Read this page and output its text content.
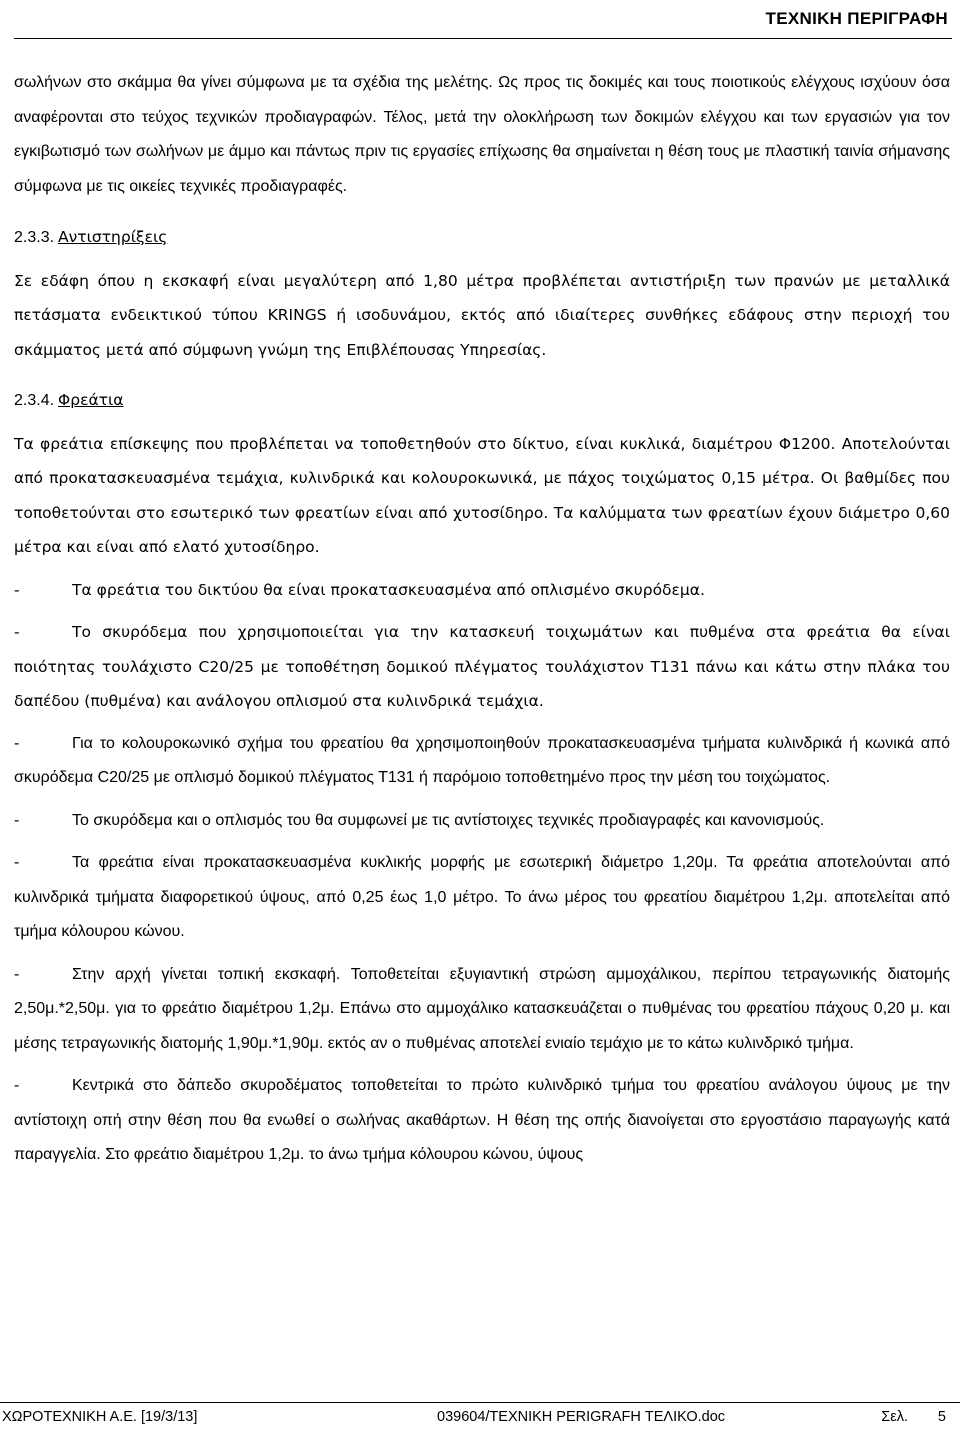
ΤΕΧΝΙΚΗ ΠΕΡΙΓΡΑΦΗ

σωλήνων στο σκάμμα θα γίνει σύμφωνα με τα σχέδια της μελέτης. Ως προς τις δοκιμές και τους ποιοτικούς ελέγχους ισχύουν όσα αναφέρονται στο τεύχος τεχνικών προδιαγραφών. Τέλος, μετά την ολοκλήρωση των δοκιμών ελέγχου και των εργασιών για τον εγκιβωτισμό των σωλήνων με άμμο και πάντως πριν τις εργασίες επίχωσης θα σημαίνεται η θέση τους με πλαστική ταινία σήμανσης σύμφωνα με τις οικείες τεχνικές προδιαγραφές.

2.3.3. Αντιστηρίξεις

Σε εδάφη όπου η εκσκαφή είναι μεγαλύτερη από 1,80 μέτρα προβλέπεται αντιστήριξη των πρανών με μεταλλικά πετάσματα ενδεικτικού τύπου KRINGS ή ισοδυνάμου, εκτός από ιδιαίτερες συνθήκες εδάφους στην περιοχή του σκάμματος μετά από σύμφωνη γνώμη της Επιβλέπουσας Υπηρεσίας.

2.3.4. Φρεάτια

Τα φρεάτια επίσκεψης που προβλέπεται να τοποθετηθούν στο δίκτυο, είναι κυκλικά, διαμέτρου Φ1200. Αποτελούνται από προκατασκευασμένα τεμάχια, κυλινδρικά και κολουροκωνικά, με πάχος τοιχώματος 0,15 μέτρα. Οι βαθμίδες που τοποθετούνται στο εσωτερικό των φρεατίων είναι από χυτοσίδηρο. Τα καλύμματα των φρεατίων έχουν διάμετρο 0,60 μέτρα και είναι από ελατό χυτοσίδηρο.

-	Τα φρεάτια του δικτύου θα είναι προκατασκευασμένα από οπλισμένο σκυρόδεμα.

-	Το σκυρόδεμα που χρησιμοποιείται για την κατασκευή τοιχωμάτων και πυθμένα στα φρεάτια θα είναι ποιότητας τουλάχιστο C20/25 με τοποθέτηση δομικού πλέγματος τουλάχιστον Τ131 πάνω και κάτω στην πλάκα του δαπέδου (πυθμένα) και ανάλογου οπλισμού στα κυλινδρικά τεμάχια.

-	Για το κολουροκωνικό σχήμα του φρεατίου θα χρησιμοποιηθούν προκατασκευασμένα τμήματα κυλινδρικά ή κωνικά από σκυρόδεμα C20/25 με οπλισμό δομικού πλέγματος Τ131 ή παρόμοιο τοποθετημένο προς την μέση του τοιχώματος.

-	Το σκυρόδεμα και ο οπλισμός του θα συμφωνεί με τις αντίστοιχες τεχνικές προδιαγραφές και κανονισμούς.

-	Τα φρεάτια είναι προκατασκευασμένα κυκλικής μορφής με εσωτερική διάμετρο 1,20μ. Τα φρεάτια αποτελούνται από κυλινδρικά τμήματα διαφορετικού ύψους, από 0,25 έως 1,0 μέτρο. Το άνω μέρος του φρεατίου διαμέτρου 1,2μ. αποτελείται από τμήμα κόλουρου κώνου.

-	Στην αρχή γίνεται τοπική εκσκαφή. Τοποθετείται εξυγιαντική στρώση αμμοχάλικου, περίπου τετραγωνικής διατομής 2,50μ.*2,50μ. για το φρεάτιο διαμέτρου 1,2μ. Επάνω στο αμμοχάλικο κατασκευάζεται ο πυθμένας του φρεατίου πάχους 0,20 μ. και μέσης τετραγωνικής διατομής 1,90μ.*1,90μ. εκτός αν ο πυθμένας αποτελεί ενιαίο τεμάχιο με το κάτω κυλινδρικό τμήμα.

-	Κεντρικά στο δάπεδο σκυροδέματος τοποθετείται το πρώτο κυλινδρικό τμήμα του φρεατίου ανάλογου ύψους με την αντίστοιχη οπή στην θέση που θα ενωθεί ο σωλήνας ακαθάρτων. Η θέση της οπής διανοίγεται στο εργοστάσιο παραγωγής κατά παραγγελία. Στο φρεάτιο διαμέτρου 1,2μ. το άνω τμήμα κόλουρου κώνου, ύψους

ΧΩΡΟΤΕΧΝΙΚΗ Α.Ε. [19/3/13]	039604/ΤΕΧΝΙΚΗ PERIGRAFH ΤΕΛΙΚΟ.doc	Σελ. 5
